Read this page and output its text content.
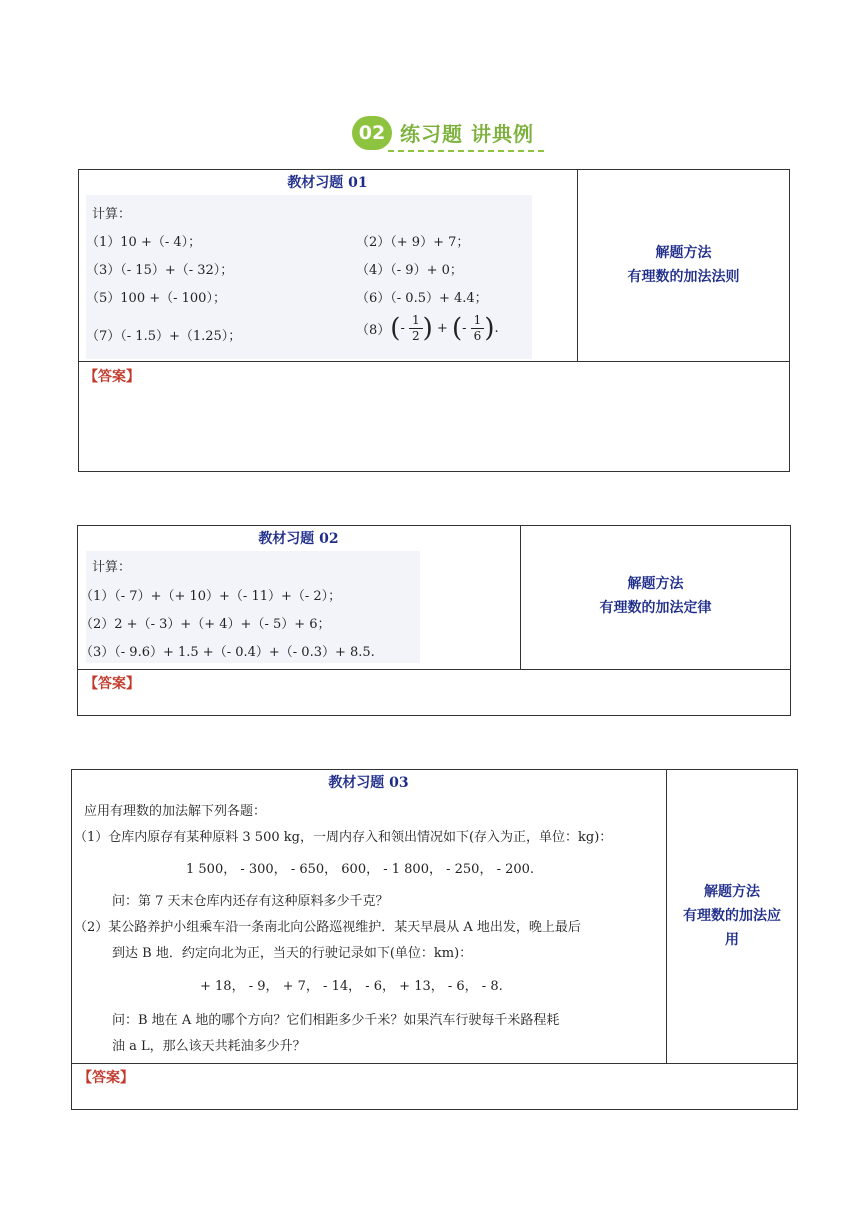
02 练习题 讲典例
教材习题 01
计算：
（1）10 +（- 4）；	（2）（+ 9）+ 7；
（3）（- 15）+（- 32）；	（4）（- 9）+ 0；
（5）100 +（- 100）；	（6）（- 0.5）+ 4.4；
（7）（- 1.5）+（1.25）；	$(8)(- \frac{1}{2}$ ) + (- $\frac{1}{6}$ ).
解题方法
有理数的加法法则
【答案】
教材习题 02
计算：
（1）（- 7）+（+ 10）+（- 11）+（- 2）；
（2）2 +（- 3）+（+ 4）+（- 5）+ 6；
（3）（- 9.6）+ 1.5 +（- 0.4）+（- 0.3）+ 8.5.
解题方法
有理数的加法定律
【答案】
教材习题 03
应用有理数的加法解下列各题：
（1）仓库内原存有某种原料 3 500 kg，一周内存入和领出情况如下(存入为正，单位：kg)：
1 500， - 300， - 650， 600， - 1 800， - 250， - 200.
问：第 7 天末仓库内还存有这种原料多少千克？
（2）某公路养护小组乘车沿一条南北向公路巡视维护．某天早晨从 A 地出发，晚上最后
到达 B 地．约定向北为正，当天的行驶记录如下(单位：km)：
+ 18， - 9， + 7， - 14， - 6， + 13， - 6， - 8.
问：B 地在 A 地的哪个方向？它们相距多少千米？如果汽车行驶每千米路程耗
油 a L，那么该天共耗油多少升？
解题方法
有理数的加法应
用
【答案】
